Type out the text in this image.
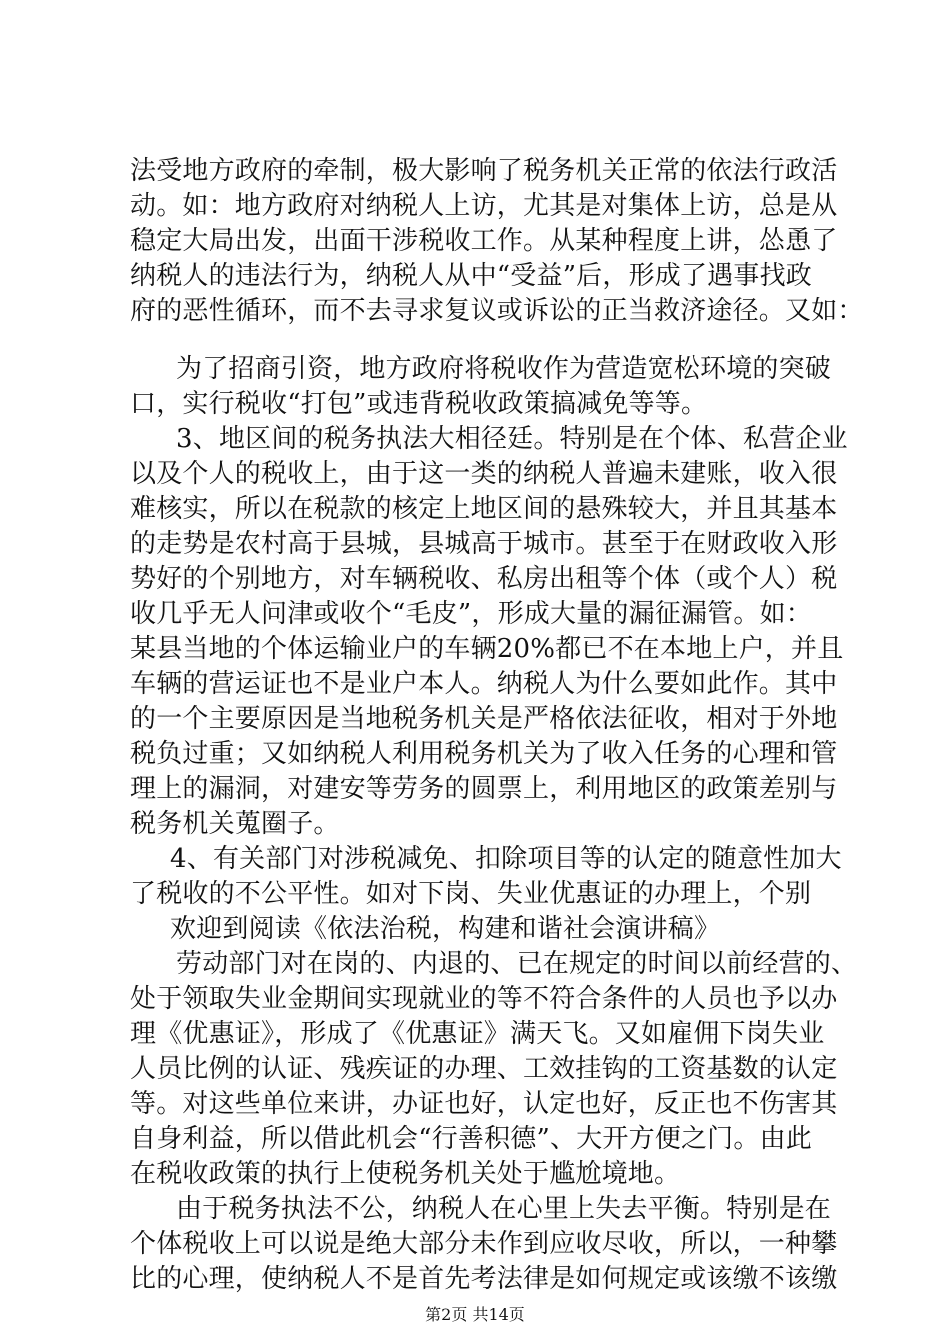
法受地方政府的牵制，极大影响了税务机关正常的依法行政活
动。如：地方政府对纳税人上访，尤其是对集体上访，总是从
稳定大局出发，出面干涉税收工作。从某种程度上讲，怂恿了
纳税人的违法行为，纳税人从中“受益”后，形成了遇事找政
府的恶性循环，而不去寻求复议或诉讼的正当救济途径。又如：
为了招商引资，地方政府将税收作为营造宽松环境的突破
口，实行税收“打包”或违背税收政策搞减免等等。
3、地区间的税务执法大相径廷。特别是在个体、私营企业
以及个人的税收上，由于这一类的纳税人普遍未建账，收入很
难核实，所以在税款的核定上地区间的悬殊较大，并且其基本
的走势是农村高于县城，县城高于城市。甚至于在财政收入形
势好的个别地方，对车辆税收、私房出租等个体（或个人）税
收几乎无人问津或收个“毛皮”，形成大量的漏征漏管。如：
某县当地的个体运输业户的车辆20%都已不在本地上户，并且
车辆的营运证也不是业户本人。纳税人为什么要如此作。其中
的一个主要原因是当地税务机关是严格依法征收，相对于外地
税负过重；又如纳税人利用税务机关为了收入任务的心理和管
理上的漏洞，对建安等劳务的圆票上，利用地区的政策差别与
税务机关蒐圈子。
4、有关部门对涉税减免、扣除项目等的认定的随意性加大
了税收的不公平性。如对下岗、失业优惠证的办理上，个别
欢迎到阅读《依法治税，构建和谐社会演讲稿》
劳动部门对在岗的、内退的、已在规定的时间以前经营的、
处于领取失业金期间实现就业的等不符合条件的人员也予以办
理《优惠证》，形成了《优惠证》满天飞。又如雇佣下岗失业
人员比例的认证、残疾证的办理、工效挂钩的工资基数的认定
等。对这些单位来讲，办证也好，认定也好，反正也不伤害其
自身利益，所以借此机会“行善积德”、大开方便之门。由此
在税收政策的执行上使税务机关处于尴尬境地。
由于税务执法不公，纳税人在心里上失去平衡。特别是在
个体税收上可以说是绝大部分未作到应收尽收，所以，一种攀
比的心理，使纳税人不是首先考法律是如何规定或该缴不该缴
第2页 共14页
